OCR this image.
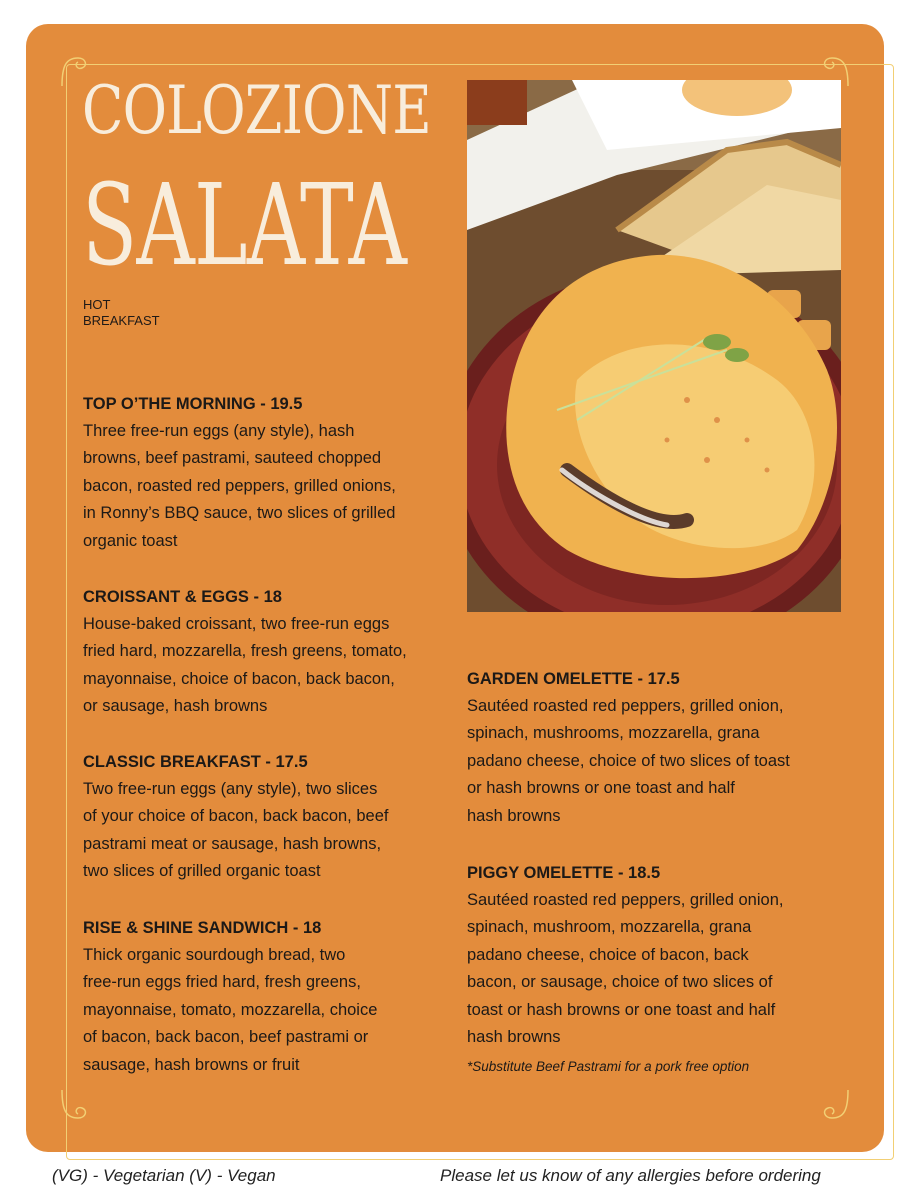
COLOZIONE
SALATA
HOT
BREAKFAST
TOP O’THE MORNING - 19.5
Three free-run eggs (any style), hash
browns, beef pastrami, sauteed chopped
bacon, roasted red peppers, grilled onions,
in Ronny’s BBQ sauce, two slices of grilled
organic toast
CROISSANT & EGGS - 18
House-baked croissant, two free-run eggs
fried hard, mozzarella, fresh greens, tomato,
mayonnaise, choice of bacon, back bacon,
or sausage, hash browns
CLASSIC BREAKFAST - 17.5
Two free-run eggs (any style), two slices
of your choice of bacon, back bacon, beef
pastrami meat or sausage, hash browns,
two slices of grilled organic toast
RISE & SHINE SANDWICH - 18
Thick organic sourdough bread, two
free-run eggs fried hard, fresh greens,
mayonnaise, tomato, mozzarella, choice
of bacon, back bacon, beef pastrami or
sausage, hash browns or fruit
GARDEN OMELETTE - 17.5
Sautéed roasted red peppers, grilled onion,
spinach, mushrooms, mozzarella, grana
padano cheese, choice of two slices of toast
or hash browns or one toast and half
hash browns
PIGGY OMELETTE - 18.5
Sautéed roasted red peppers, grilled onion,
spinach, mushroom, mozzarella, grana
padano cheese, choice of bacon, back
bacon, or sausage, choice of two slices of
toast or hash browns or one toast and half
hash browns
*Substitute Beef Pastrami for a pork free option
(VG) - Vegetarian (V) - Vegan	Please let us know of any allergies before ordering
